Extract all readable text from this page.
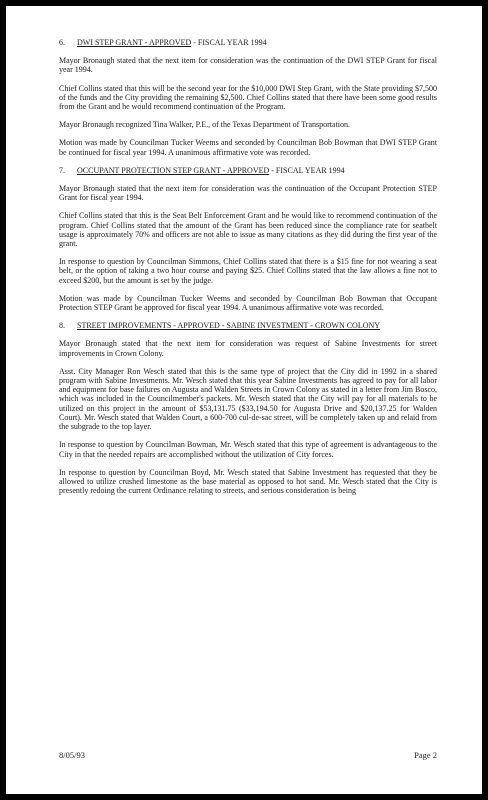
6. DWI STEP GRANT - APPROVED - FISCAL YEAR 1994

Mayor Bronaugh stated that the next item for consideration was the continuation of the DWI STEP Grant for fiscal year 1994.

Chief Collins stated that this will be the second year for the $10,000 DWI Step Grant, with the State providing $7,500 of the funds and the City providing the remaining $2,500. Chief Collins stated that there have been some good results from the Grant and he would recommend continuation of the Program.

Mayor Bronaugh recognized Tina Walker, P.E., of the Texas Department of Transportation.

Motion was made by Councilman Tucker Weems and seconded by Councilman Bob Bowman that DWI STEP Grant be continued for fiscal year 1994. A unanimous affirmative vote was recorded.

7. OCCUPANT PROTECTION STEP GRANT - APPROVED - FISCAL YEAR 1994

Mayor Bronaugh stated that the next item for consideration was the continuation of the Occupant Protection STEP Grant for fiscal year 1994.

Chief Collins stated that this is the Seat Belt Enforcement Grant and he would like to recommend continuation of the program. Chief Collins stated that the amount of the Grant has been reduced since the compliance rate for seatbelt usage is approximately 70% and officers are not able to issue as many citations as they did during the first year of the grant.

In response to question by Councilman Simmons, Chief Collins stated that there is a $15 fine for not wearing a seat belt, or the option of taking a two hour course and paying $25. Chief Collins stated that the law allows a fine not to exceed $200, but the amount is set by the judge.

Motion was made by Councilman Tucker Weems and seconded by Councilman Bob Bowman that Occupant Protection STEP Grant be approved for fiscal year 1994. A unanimous affirmative vote was recorded.

8. STREET IMPROVEMENTS - APPROVED - SABINE INVESTMENT - CROWN COLONY

Mayor Bronaugh stated that the next item for consideration was request of Sabine Investments for street improvements in Crown Colony.

Asst. City Manager Ron Wesch stated that this is the same type of project that the City did in 1992 in a shared program with Sabine Investments. Mr. Wesch stated that this year Sabine Investments has agreed to pay for all labor and equipment for base failures on Augusta and Walden Streets in Crown Colony as stated in a letter from Jim Bosco, which was included in the Councilmember's packets. Mr. Wesch stated that the City will pay for all materials to be utilized on this project in the amount of $53,131.75 ($33,194.50 for Augusta Drive and $20,137.25 for Walden Court). Mr. Wesch stated that Walden Court, a 600-700 cul-de-sac street, will be completely taken up and relaid from the subgrade to the top layer.

In response to question by Councilman Bowman, Mr. Wesch stated that this type of agreement is advantageous to the City in that the needed repairs are accomplished without the utilization of City forces.

In response to question by Councilman Boyd, Mr. Wesch stated that Sabine Investment has requested that they be allowed to utilize crushed limestone as the base material as opposed to hot sand. Mr. Wesch stated that the City is presently redoing the current Ordinance relating to streets, and serious consideration is being

8/05/93	Page 2
